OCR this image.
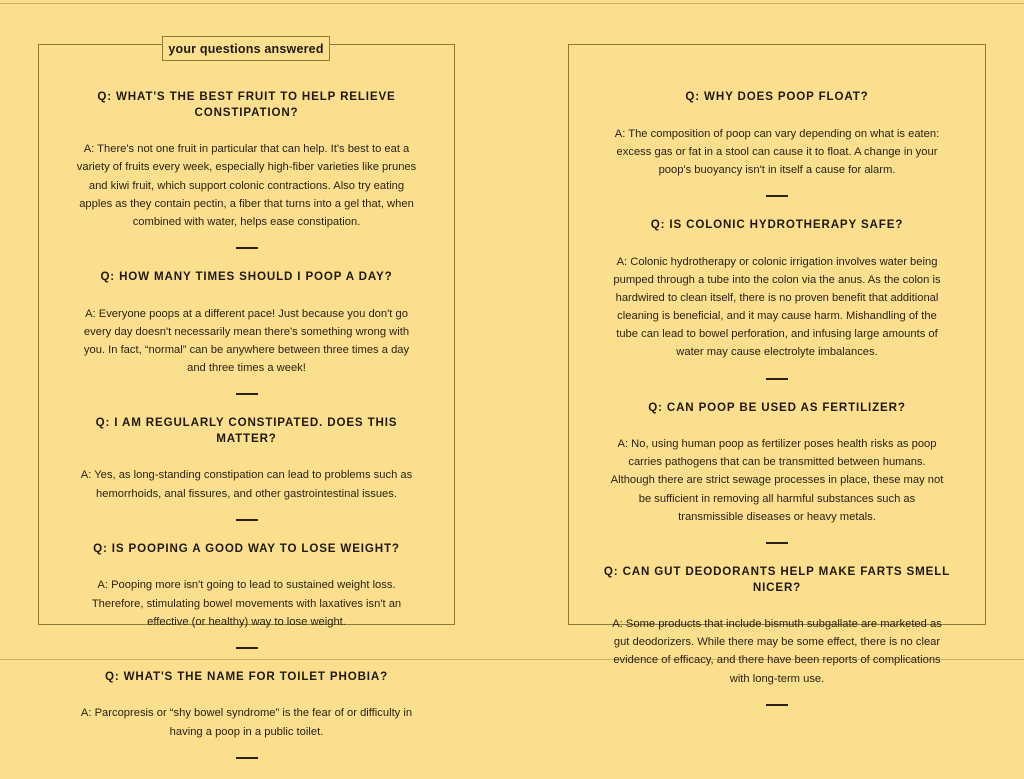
Q: WHAT'S THE BEST FRUIT TO HELP RELIEVE CONSTIPATION?

A: There's not one fruit in particular that can help. It's best to eat a variety of fruits every week, especially high-fiber varieties like prunes and kiwi fruit, which support colonic contractions. Also try eating apples as they contain pectin, a fiber that turns into a gel that, when combined with water, helps ease constipation.

Q: HOW MANY TIMES SHOULD I POOP A DAY?

A: Everyone poops at a different pace! Just because you don't go every day doesn't necessarily mean there's something wrong with you. In fact, “normal” can be anywhere between three times a day and three times a week!

Q: I AM REGULARLY CONSTIPATED. DOES THIS MATTER?

A: Yes, as long-standing constipation can lead to problems such as hemorrhoids, anal fissures, and other gastrointestinal issues.

Q: IS POOPING A GOOD WAY TO LOSE WEIGHT?

A: Pooping more isn't going to lead to sustained weight loss. Therefore, stimulating bowel movements with laxatives isn't an effective (or healthy) way to lose weight.

Q: WHAT'S THE NAME FOR TOILET PHOBIA?

A: Parcopresis or “shy bowel syndrome” is the fear of or difficulty in having a poop in a public toilet.

Q: WHY DOES POOP FLOAT?

A: The composition of poop can vary depending on what is eaten: excess gas or fat in a stool can cause it to float. A change in your poop's buoyancy isn't in itself a cause for alarm.

Q: IS COLONIC HYDROTHERAPY SAFE?

A: Colonic hydrotherapy or colonic irrigation involves water being pumped through a tube into the colon via the anus. As the colon is hardwired to clean itself, there is no proven benefit that additional cleaning is beneficial, and it may cause harm. Mishandling of the tube can lead to bowel perforation, and infusing large amounts of water may cause electrolyte imbalances.

Q: CAN POOP BE USED AS FERTILIZER?

A: No, using human poop as fertilizer poses health risks as poop carries pathogens that can be transmitted between humans. Although there are strict sewage processes in place, these may not be sufficient in removing all harmful substances such as transmissible diseases or heavy metals.

Q: CAN GUT DEODORANTS HELP MAKE FARTS SMELL NICER?

A: Some products that include bismuth subgallate are marketed as gut deodorizers. While there may be some effect, there is no clear evidence of efficacy, and there have been reports of complications with long-term use.

your questions answered
